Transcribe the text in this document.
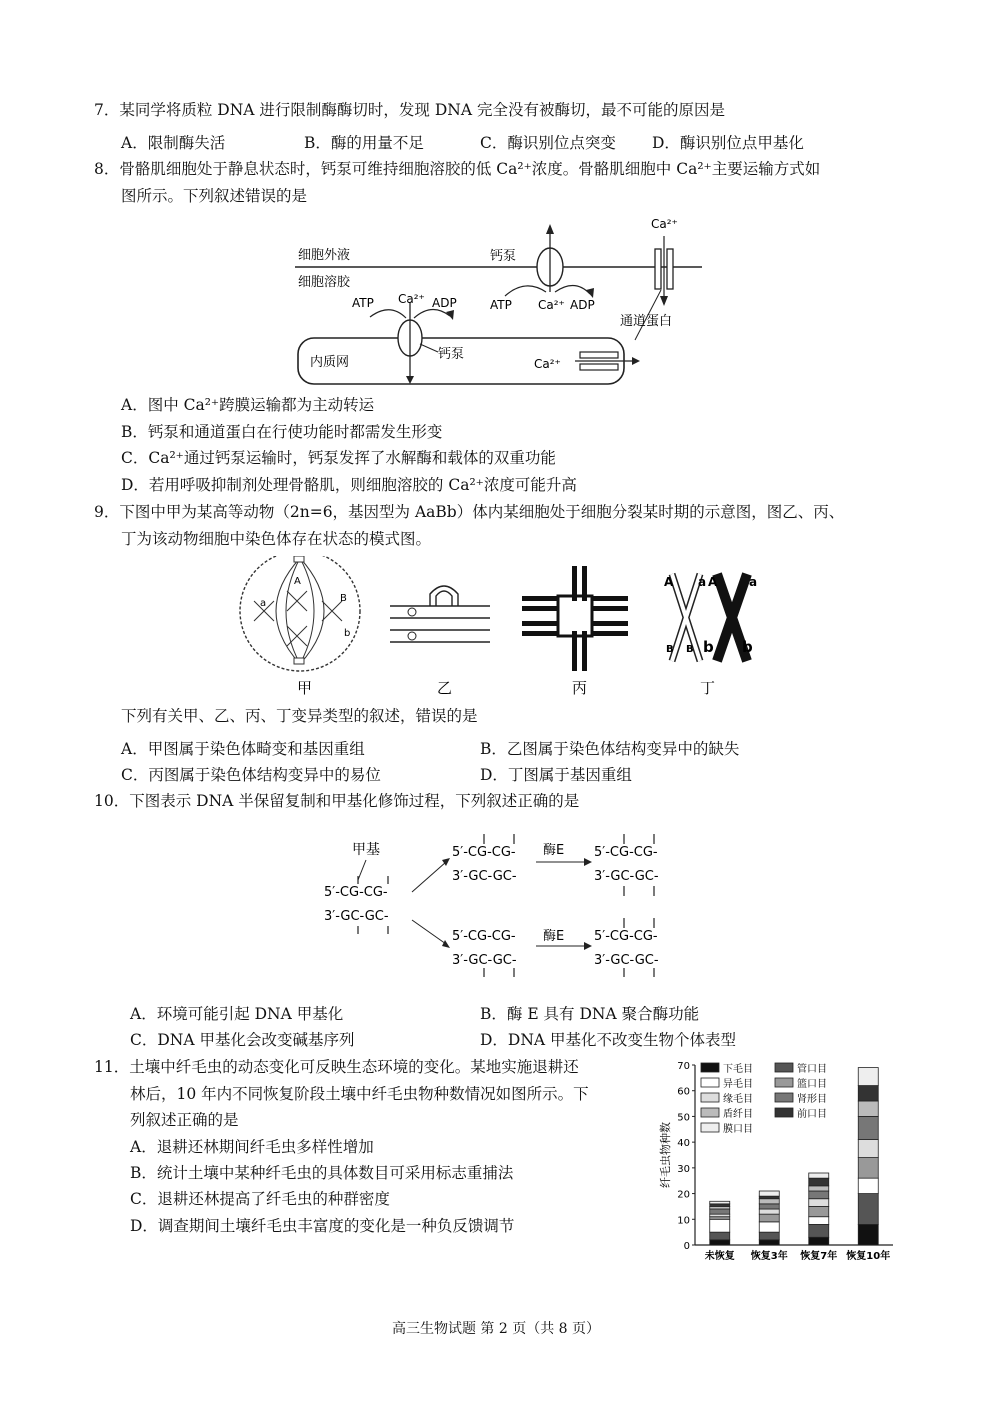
7．某同学将质粒 DNA 进行限制酶酶切时，发现 DNA 完全没有被酶切，最不可能的原因是
A．限制酶失活	B．酶的用量不足	C．酶识别位点突变 D．酶识别位点甲基化
8．骨骼肌细胞处于静息状态时，钙泵可维持细胞溶胶的低 Ca²⁺浓度。骨骼肌细胞中 Ca²⁺主要运输方式如
图所示。下列叙述错误的是
细胞外液
细胞溶胶
钙泵
ATP Ca²⁺ ADP
Ca²⁺
通道蛋白
内质网
ATP Ca²⁺ ADP
钙泵
Ca²⁺
A．图中 Ca²⁺跨膜运输都为主动转运
B．钙泵和通道蛋白在行使功能时都需发生形变
C．Ca²⁺通过钙泵运输时，钙泵发挥了水解酶和载体的双重功能
D．若用呼吸抑制剂处理骨骼肌，则细胞溶胶的 Ca²⁺浓度可能升高
9．下图中甲为某高等动物（2n=6，基因型为 AaBb）体内某细胞处于细胞分裂某时期的示意图，图乙、丙、
丁为该动物细胞中染色体存在状态的模式图。
A
a	B
b
甲	乙	丙
A a A	a
B B b b
丁
下列有关甲、乙、丙、丁变异类型的叙述，错误的是
A．甲图属于染色体畸变和基因重组	B．乙图属于染色体结构变异中的缺失
C．丙图属于染色体结构变异中的易位	D．丁图属于基因重组
10．下图表示 DNA 半保留复制和甲基化修饰过程，下列叙述正确的是
甲基
5′-CG-CG-
3′-GC-GC-
5′-CG-CG-
3′-GC-GC-
酶E 5′-CG-CG-
3′-GC-GC-
5′-CG-CG-
3′-GC-GC-
酶E 5′-CG-CG-
3′-GC-GC-
A．环境可能引起 DNA 甲基化	B．酶 E 具有 DNA 聚合酶功能
C．DNA 甲基化会改变碱基序列	D．DNA 甲基化不改变生物个体表型
11．土壤中纤毛虫的动态变化可反映生态环境的变化。某地实施退耕还
林后，10 年内不同恢复阶段土壤中纤毛虫物种数情况如图所示。下
列叙述正确的是
A．退耕还林期间纤毛虫多样性增加
B．统计土壤中某种纤毛虫的具体数目可采用标志重捕法
C．退耕还林提高了纤毛虫的种群密度
D．调查期间土壤纤毛虫丰富度的变化是一种负反馈调节
0
10
20
30
40
50
60
70
纤毛虫物种数
未恢复 恢复3年 恢复7年 恢复10年
下毛目	管口目
异毛目	篮口目
缘毛目	肾形目
盾纤目	前口目
膜口目
高三生物试题 第 2 页（共 8 页）
